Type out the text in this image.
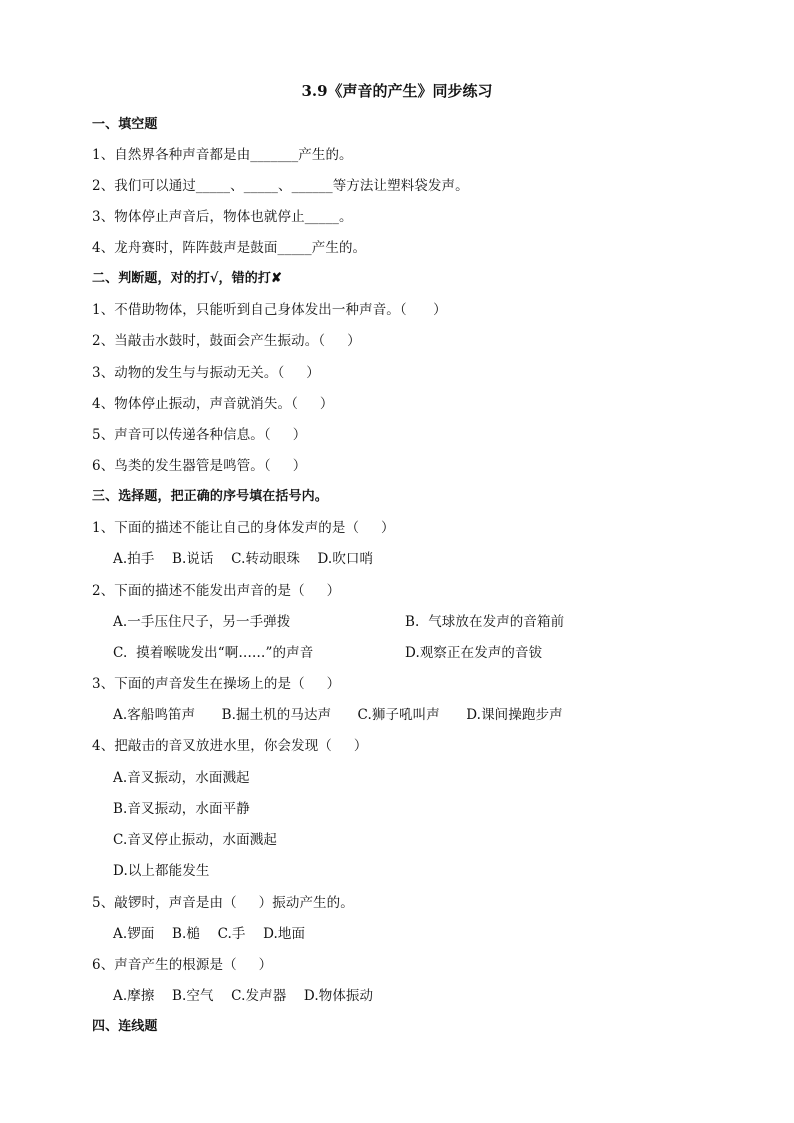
3.9《声音的产生》同步练习
一、填空题
1、自然界各种声音都是由_______产生的。
2、我们可以通过_____、_____、______等方法让塑料袋发声。
3、物体停止声音后，物体也就停止_____。
4、龙舟赛时，阵阵鼓声是鼓面_____产生的。
二、判断题，对的打√，错的打✘
1、不借助物体，只能听到自己身体发出一种声音。（      ）
2、当敲击水鼓时，鼓面会产生振动。（     ）
3、动物的发生与与振动无关。（     ）
4、物体停止振动，声音就消失。（     ）
5、声音可以传递各种信息。（     ）
6、鸟类的发生器管是鸣管。（     ）
三、选择题，把正确的序号填在括号内。
1、下面的描述不能让自己的身体发声的是（     ）
A.拍手    B.说话    C.转动眼珠    D.吹口哨
2、下面的描述不能发出声音的是（     ）
A.一手压住尺子，另一手弹拨	B.  气球放在发声的音箱前
C.  摸着喉咙发出“啊……”的声音	D.观察正在发声的音钹
3、下面的声音发生在操场上的是（     ）
A.客船鸣笛声      B.掘土机的马达声      C.狮子吼叫声      D.课间操跑步声
4、把敲击的音叉放进水里，你会发现（     ）
A.音叉振动，水面溅起
B.音叉振动，水面平静
C.音叉停止振动，水面溅起
D.以上都能发生
5、敲锣时，声音是由（     ）振动产生的。
A.锣面    B.槌    C.手    D.地面
6、声音产生的根源是（     ）
A.摩擦    B.空气    C.发声器    D.物体振动
四、连线题
